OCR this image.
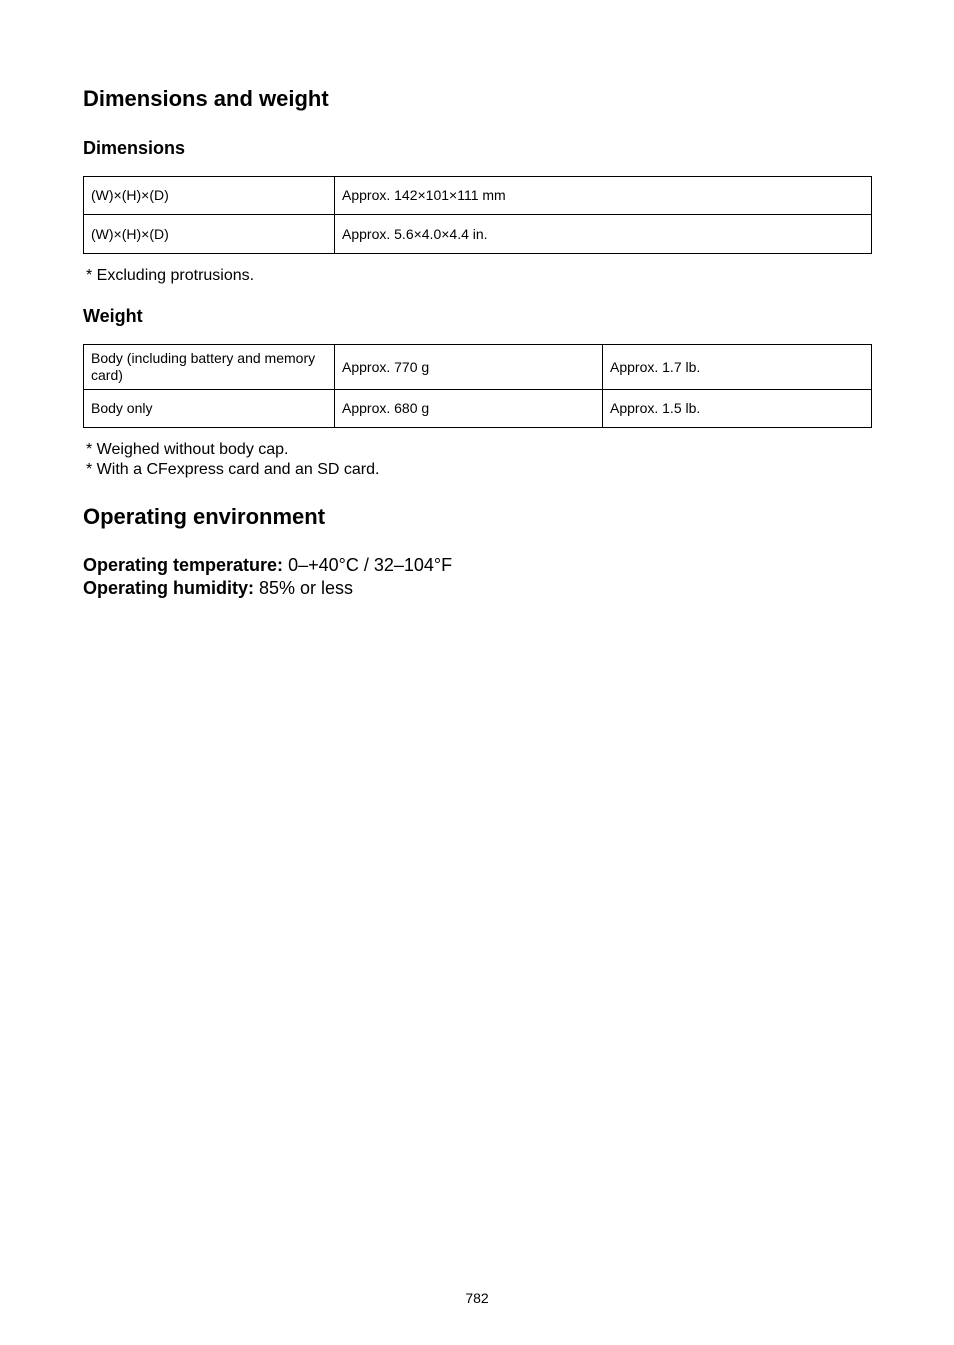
Dimensions and weight
Dimensions
(W)×(H)×(D)	Approx. 142×101×111 mm
(W)×(H)×(D)	Approx. 5.6×4.0×4.4 in.
* Excluding protrusions.
Weight
Body (including battery and memory card)	Approx. 770 g	Approx. 1.7 lb.
Body only	Approx. 680 g	Approx. 1.5 lb.
* Weighed without body cap.
* With a CFexpress card and an SD card.
Operating environment
Operating temperature: 0–+40°C / 32–104°F
Operating humidity: 85% or less
782
